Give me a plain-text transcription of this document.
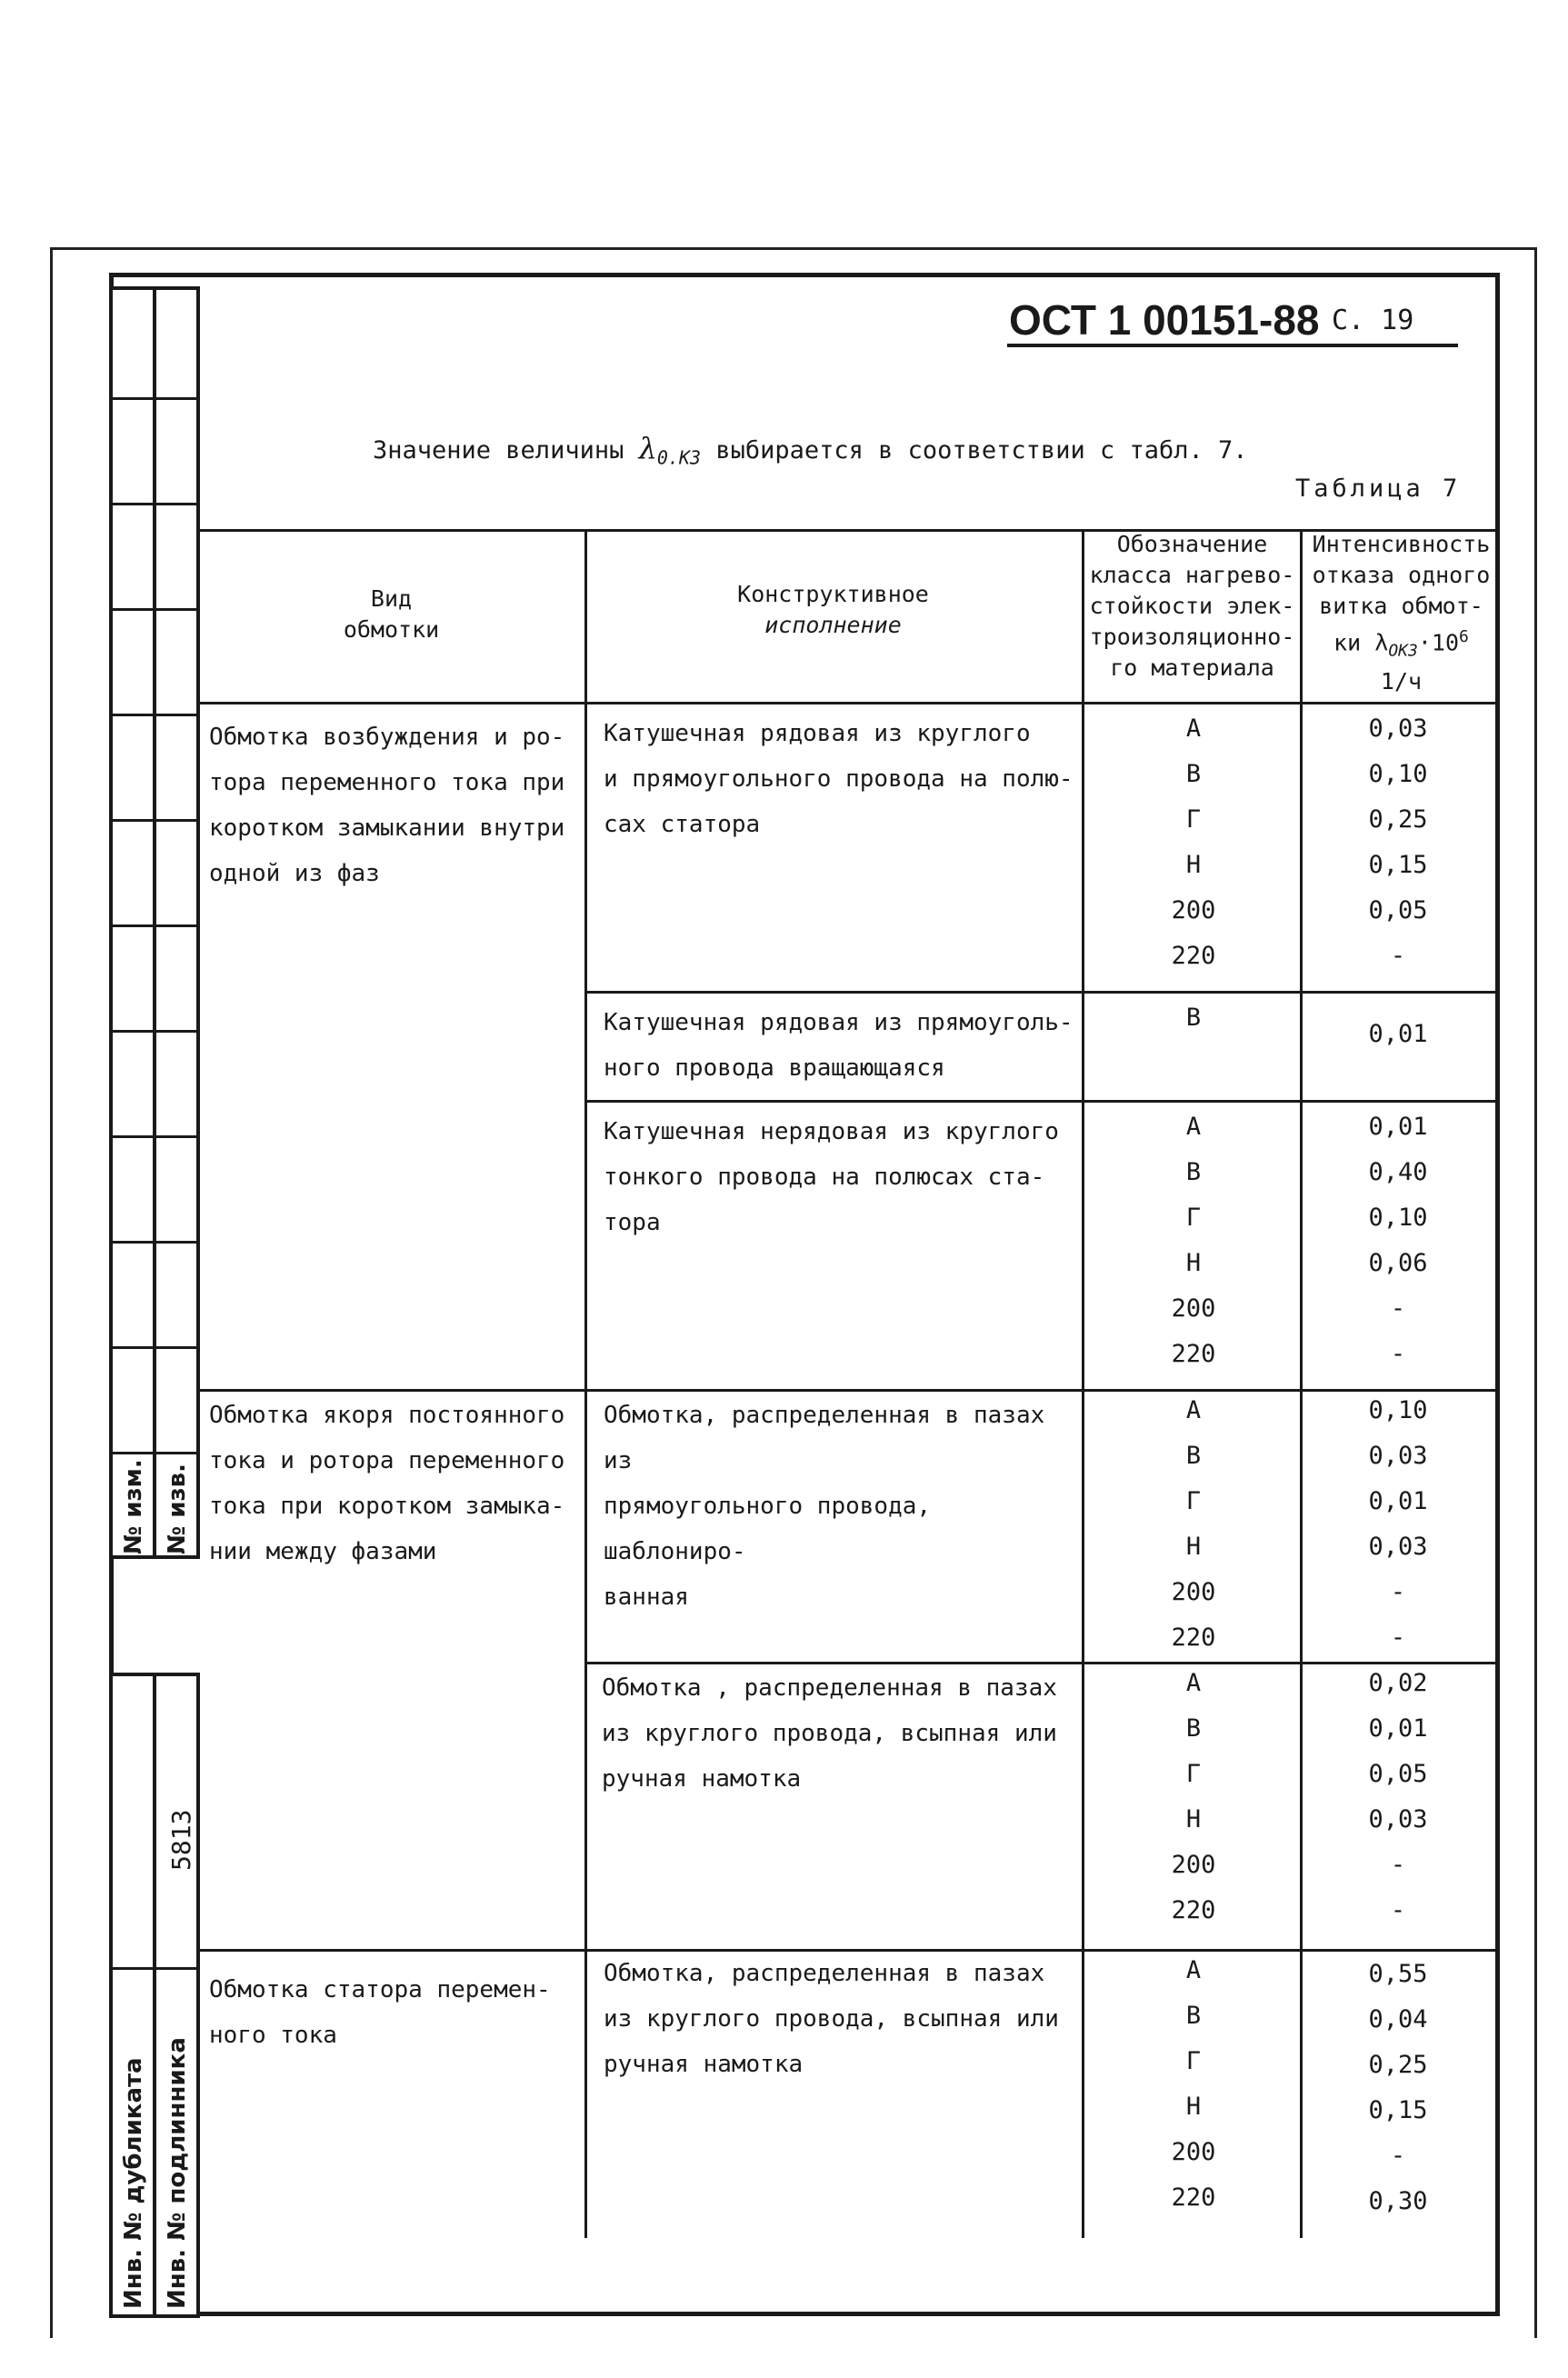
№ изм. № изв.
5813
Инв. № дубликата Инв. № подлинника
ОСТ 1 00151-88 С. 19
Значение величины $\lambda_{0.КЗ}$ выбирается в соответствии с табл. 7.
Таблица 7
Вид
обмотки
Конструктивное
исполнение
Обозначение
класса нагрево-
стойкости элек-
троизоляционно-
го материала
Интенсивность
отказа одного
витка обмот-
ки $\lambda_{ОКЗ}\cdot 10^6$
1/ч
Обмотка возбуждения и ро-
тора переменного тока при
коротком замыкании внутри
одной из фаз
Обмотка якоря постоянного
тока и ротора переменного
тока при коротком замыка-
нии между фазами
Обмотка статора перемен-
ного тока
Катушечная рядовая из круглого
и прямоугольного провода на полю-
сах статора
А
В
Г
Н
200
220
0,03
0,10
0,25
0,15
0,05
-
Катушечная рядовая из прямоуголь-
ного провода вращающаяся
В
0,01
Катушечная нерядовая из круглого
тонкого провода на полюсах ста-
тора
А
В
Г
Н
200
220
0,01
0,40
0,10
0,06
-
-
Обмотка, распределенная в пазах из
прямоугольного провода, шаблониро-
ванная
А
В
Г
Н
200
220
0,10
0,03
0,01
0,03
-
-
Обмотка , распределенная в пазах
из круглого провода, всыпная или
ручная намотка
А
В
Г
Н
200
220
0,02
0,01
0,05
0,03
-
-
Обмотка, распределенная в пазах
из круглого провода, всыпная или
ручная намотка
А
В
Г
Н
200
220
0,55
0,04
0,25
0,15
-
0,30
